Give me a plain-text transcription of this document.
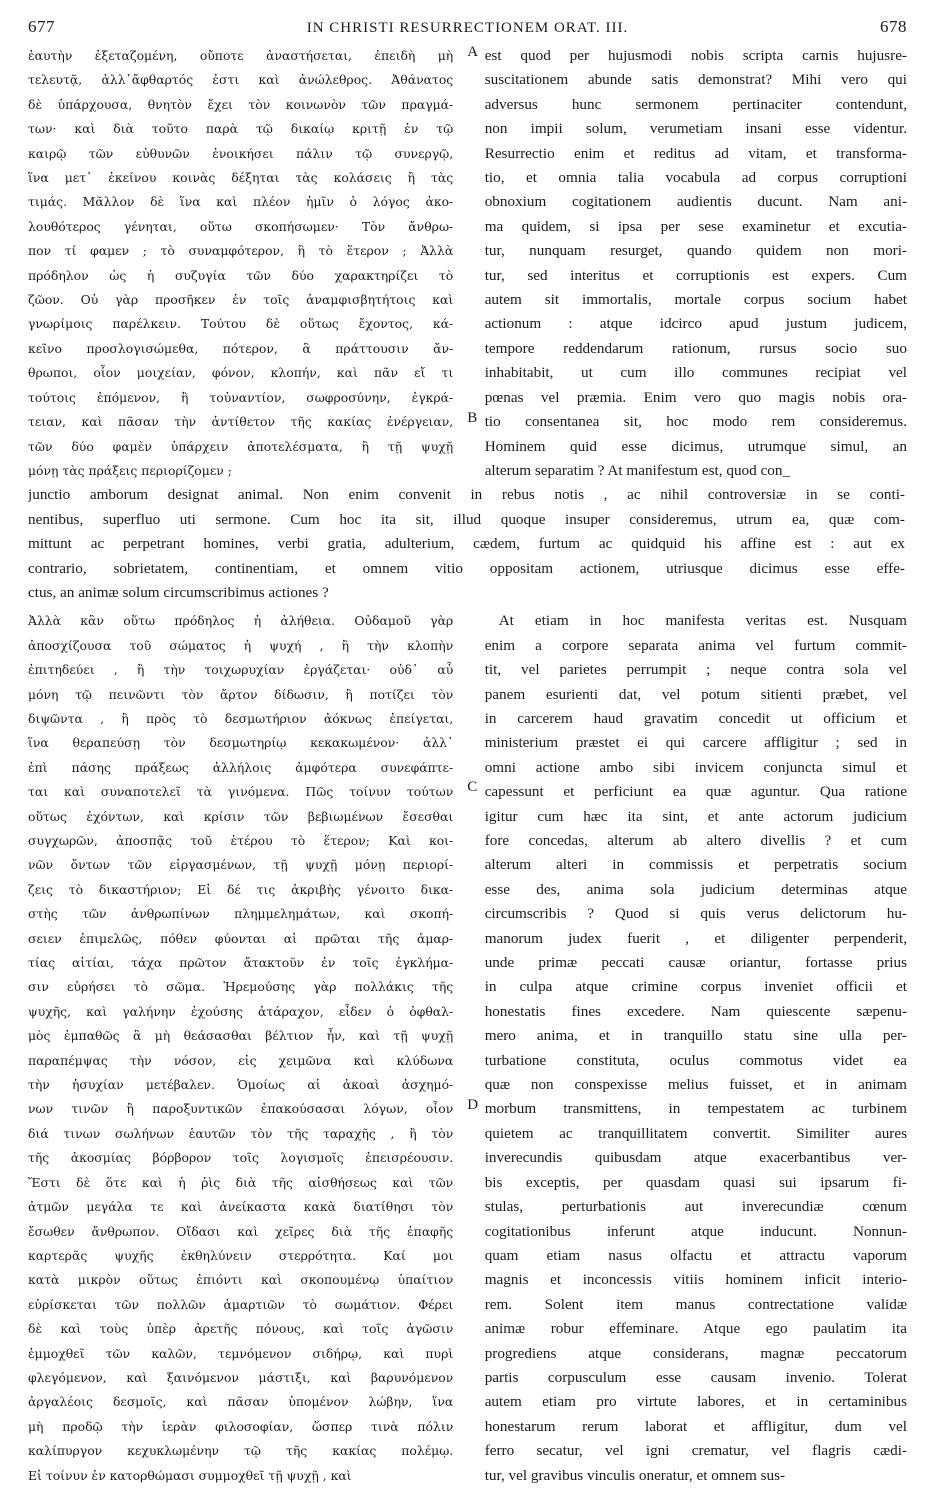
677	IN CHRISTI RESURRECTIONEM ORAT. III.	678
ἑαυτὴν ἐξεταζομένη, οὔποτε ἀναστήσεται, ἐπειδὴ μὴ
τελευτᾷ, ἀλλ᾽ἄφθαρτός ἐστι καὶ ἀνώλεθρος. Ἀθάνατος
δὲ ὑπάρχουσα, θνητὸν ἔχει τὸν κοινωνὸν τῶν πραγμά-
των· καὶ διὰ τοῦτο παρὰ τῷ δικαίῳ κριτῇ ἐν τῷ
καιρῷ τῶν εὐθυνῶν ἐνοικήσει πάλιν τῷ συνεργῷ,
ἵνα μετ᾽ ἐκείνου κοινὰς δέξηται τὰς κολάσεις ἢ τὰς
τιμάς. Μᾶλλον δὲ ἵνα καὶ πλέον ἡμῖν ὁ λόγος ἀκο-
λουθότερος γένηται, οὕτω σκοπήσωμεν· Τὸν ἄνθρω-
πον τί φαμεν ; τὸ συναμφότερον, ἢ τὸ ἕτερον ; Ἀλλὰ
πρόδηλον ὡς ἡ συζυγία τῶν δύο χαρακτηρίζει τὸ
ζῶον. Οὐ γὰρ προσῆκεν ἐν τοῖς ἀναμφισβητήτοις καὶ
γνωρίμοις παρέλκειν. Τούτου δὲ οὕτως ἔχοντος, κά-
κεῖνο προσλογισώμεθα, πότερον, ἃ πράττουσιν ἄν-
θρωποι, οἷον μοιχείαν, φόνον, κλοπήν, καὶ πᾶν εἴ τι
τούτοις ἑπόμενον, ἢ τοὐναντίον, σωφροσύνην, ἐγκρά-
τειαν, καὶ πᾶσαν τὴν ἀντίθετον τῆς κακίας ἐνέργειαν,
τῶν δύο φαμὲν ὑπάρχειν ἀποτελέσματα, ἢ τῇ ψυχῇ
μόνῃ τὰς πράξεις περιορίζομεν ;
A
B
est quod per hujusmodi nobis scripta carnis hujusre-
suscitationem abunde satis demonstrat? Mihi vero qui
adversus hunc sermonem pertinaciter contendunt,
non impii solum, verumetiam insani esse videntur.
Resurrectio enim et reditus ad vitam, et transforma-
tio, et omnia talia vocabula ad corpus corruptioni
obnoxium cogitationem audientis ducunt. Nam ani-
ma quidem, si ipsa per sese examinetur et excutia-
tur, nunquam resurget, quando quidem non mori-
tur, sed interitus et corruptionis est expers. Cum
autem sit immortalis, mortale corpus socium habet
actionum : atque idcirco apud justum judicem,
tempore reddendarum rationum, rursus socio suo
inhabitabit, ut cum illo communes recipiat vel
pœnas vel præmia. Enim vero quo magis nobis ora-
tio consentanea sit, hoc modo rem consideremus.
Hominem quid esse dicimus, utrumque simul, an
alterum separatim ? At manifestum est, quod con_
junctio amborum designat animal. Non enim convenit in rebus notis , ac nihil controversiæ in se conti-
nentibus, superfluo uti sermone. Cum hoc ita sit, illud quoque insuper consideremus, utrum ea, quæ com-
mittunt ac perpetrant homines, verbi gratia, adulterium, cædem, furtum ac quidquid his affine est : aut ex
contrario, sobrietatem, continentiam, et omnem vitio oppositam actionem, utriusque dicimus esse effe-
ctus, an animæ solum circumscribimus actiones ?
Ἀλλὰ κἂν οὕτω πρόδηλος ἡ ἀλήθεια. Οὐδαμοῦ γὰρ
ἀποσχίζουσα τοῦ σώματος ἡ ψυχή , ἢ τὴν κλοπὴν
ἐπιτηδεύει , ἢ τὴν τοιχωρυχίαν ἐργάζεται· οὐδ᾽ αὖ
μόνη τῷ πεινῶντι τὸν ἄρτον δίδωσιν, ἢ ποτίζει τὸν
διψῶντα , ἢ πρὸς τὸ δεσμωτήριον ἀόκνως ἐπείγεται,
ἵνα θεραπεύσῃ τὸν δεσμωτηρίῳ κεκακωμένον· ἀλλ᾽
ἐπὶ πάσης πράξεως ἀλλήλοις ἀμφότερα συνεφάπτε-
ται καὶ συναποτελεῖ τὰ γινόμενα. Πῶς τοίνυν τούτων
οὕτως ἐχόντων, καὶ κρίσιν τῶν βεβιωμένων ἔσεσθαι
συγχωρῶν, ἀποσπᾷς τοῦ ἑτέρου τὸ ἕτερον; Καὶ κοι-
νῶν ὄντων τῶν εἰργασμένων, τῇ ψυχῇ μόνῃ περιορί-
ζεις τὸ δικαστήριον; Εἰ δέ τις ἀκριβὴς γένοιτο δικα-
στὴς τῶν ἀνθρωπίνων πλημμελημάτων, καὶ σκοπή-
σειεν ἐπιμελῶς, πόθεν φύονται αἱ πρῶται τῆς ἁμαρ-
τίας αἰτίαι, τάχα πρῶτον ἄτακτοῦν ἐν τοῖς ἐγκλήμα-
σιν εὑρήσει τὸ σῶμα. Ἠρεμούσης γὰρ πολλάκις τῆς
ψυχῆς, καὶ γαλήνην ἐχούσης ἀτάραχον, εἶδεν ὁ ὀφθαλ-
μὸς ἐμπαθῶς ἃ μὴ θεάσασθαι βέλτιον ἦν, καὶ τῇ ψυχῇ
παραπέμψας τὴν νόσον, εἰς χειμῶνα καὶ κλύδωνα
τὴν ἡσυχίαν μετέβαλεν. Ὁμοίως αἱ ἀκοαὶ ἀσχημό-
νων τινῶν ἢ παροξυντικῶν ἐπακούσασαι λόγων, οἷον
διά τινων σωλήνων ἑαυτῶν τὸν τῆς ταραχῆς , ἢ τὸν
τῆς ἀκοσμίας βόρβορον τοῖς λογισμοῖς ἐπεισρέουσιν.
Ἔστι δὲ ὅτε καὶ ἡ ῥὶς διὰ τῆς αἰσθήσεως καὶ τῶν
ἀτμῶν μεγάλα τε καὶ ἀνείκαστα κακὰ διατίθησι τὸν
ἔσωθεν ἄνθρωπον. Οἴδασι καὶ χεῖρες διὰ τῆς ἐπαφῆς
καρτερᾶς ψυχῆς ἐκθηλύνειν στερρότητα. Καί μοι
κατὰ μικρὸν οὕτως ἐπιόντι καὶ σκοπουμένῳ ὑπαίτιον
εὑρίσκεται τῶν πολλῶν ἁμαρτιῶν τὸ σωμάτιον. Φέρει
δὲ καὶ τοὺς ὑπὲρ ἀρετῆς πόνους, καὶ τοῖς ἀγῶσιν
ἐμμοχθεῖ τῶν καλῶν, τεμνόμενον σιδήρῳ, καὶ πυρὶ
φλεγόμενον, καὶ ξαινόμενον μάστιξι, καὶ βαρυνόμενον
ἀργαλέοις δεσμοῖς, καὶ πᾶσαν ὑπομένον λώβην, ἵνα
μὴ προδῷ τὴν ἱερὰν φιλοσοφίαν, ὥσπερ τινὰ πόλιν
καλίπυργον κεχυκλωμένην τῷ τῆς κακίας πολέμῳ.
Εἰ τοίνυν ἐν κατορθώμασι συμμοχθεῖ τῇ ψυχῇ , καὶ
C
D
At etiam in hoc manifesta veritas est. Nusquam
enim a corpore separata anima vel furtum commit-
tit, vel parietes perrumpit ; neque contra sola vel
panem esurienti dat, vel potum sitienti præbet, vel
in carcerem haud gravatim concedit ut officium et
ministerium præstet ei qui carcere affligitur ; sed in
omni actione ambo sibi invicem conjuncta simul et
capessunt et perficiunt ea quæ aguntur. Qua ratione
igitur cum hæc ita sint, et ante actorum judicium
fore concedas, alterum ab altero divellis ? et cum
alterum alteri in commissis et perpetratis socium
esse des, anima sola judicium determinas atque
circumscribis ? Quod si quis verus delictorum hu-
manorum judex fuerit , et diligenter perpenderit,
unde primæ peccati causæ oriantur, fortasse prius
in culpa atque crimine corpus inveniet officii et
honestatis fines excedere. Nam quiescente sæpenu-
mero anima, et in tranquillo statu sine ulla per-
turbatione constituta, oculus commotus videt ea
quæ non conspexisse melius fuisset, et in animam
morbum transmittens, in tempestatem ac turbinem
quietem ac tranquillitatem convertit. Similiter aures
inverecundis quibusdam atque exacerbantibus ver-
bis exceptis, per quasdam quasi sui ipsarum fi-
stulas, perturbationis aut inverecundiæ cœnum
cogitationibus inferunt atque inducunt. Nonnun-
quam etiam nasus olfactu et attractu vaporum
magnis et inconcessis vitiis hominem inficit interio-
rem. Solent item manus contrectatione validæ
animæ robur effeminare. Atque ego paulatim ita
progrediens atque considerans, magnæ peccatorum
partis corpusculum esse causam invenio. Tolerat
autem etiam pro virtute labores, et in certaminibus
honestarum rerum laborat et affligitur, dum vel
ferro secatur, vel igni crematur, vel flagris cædi-
tur, vel gravibus vinculis oneratur, et omnem sus-
